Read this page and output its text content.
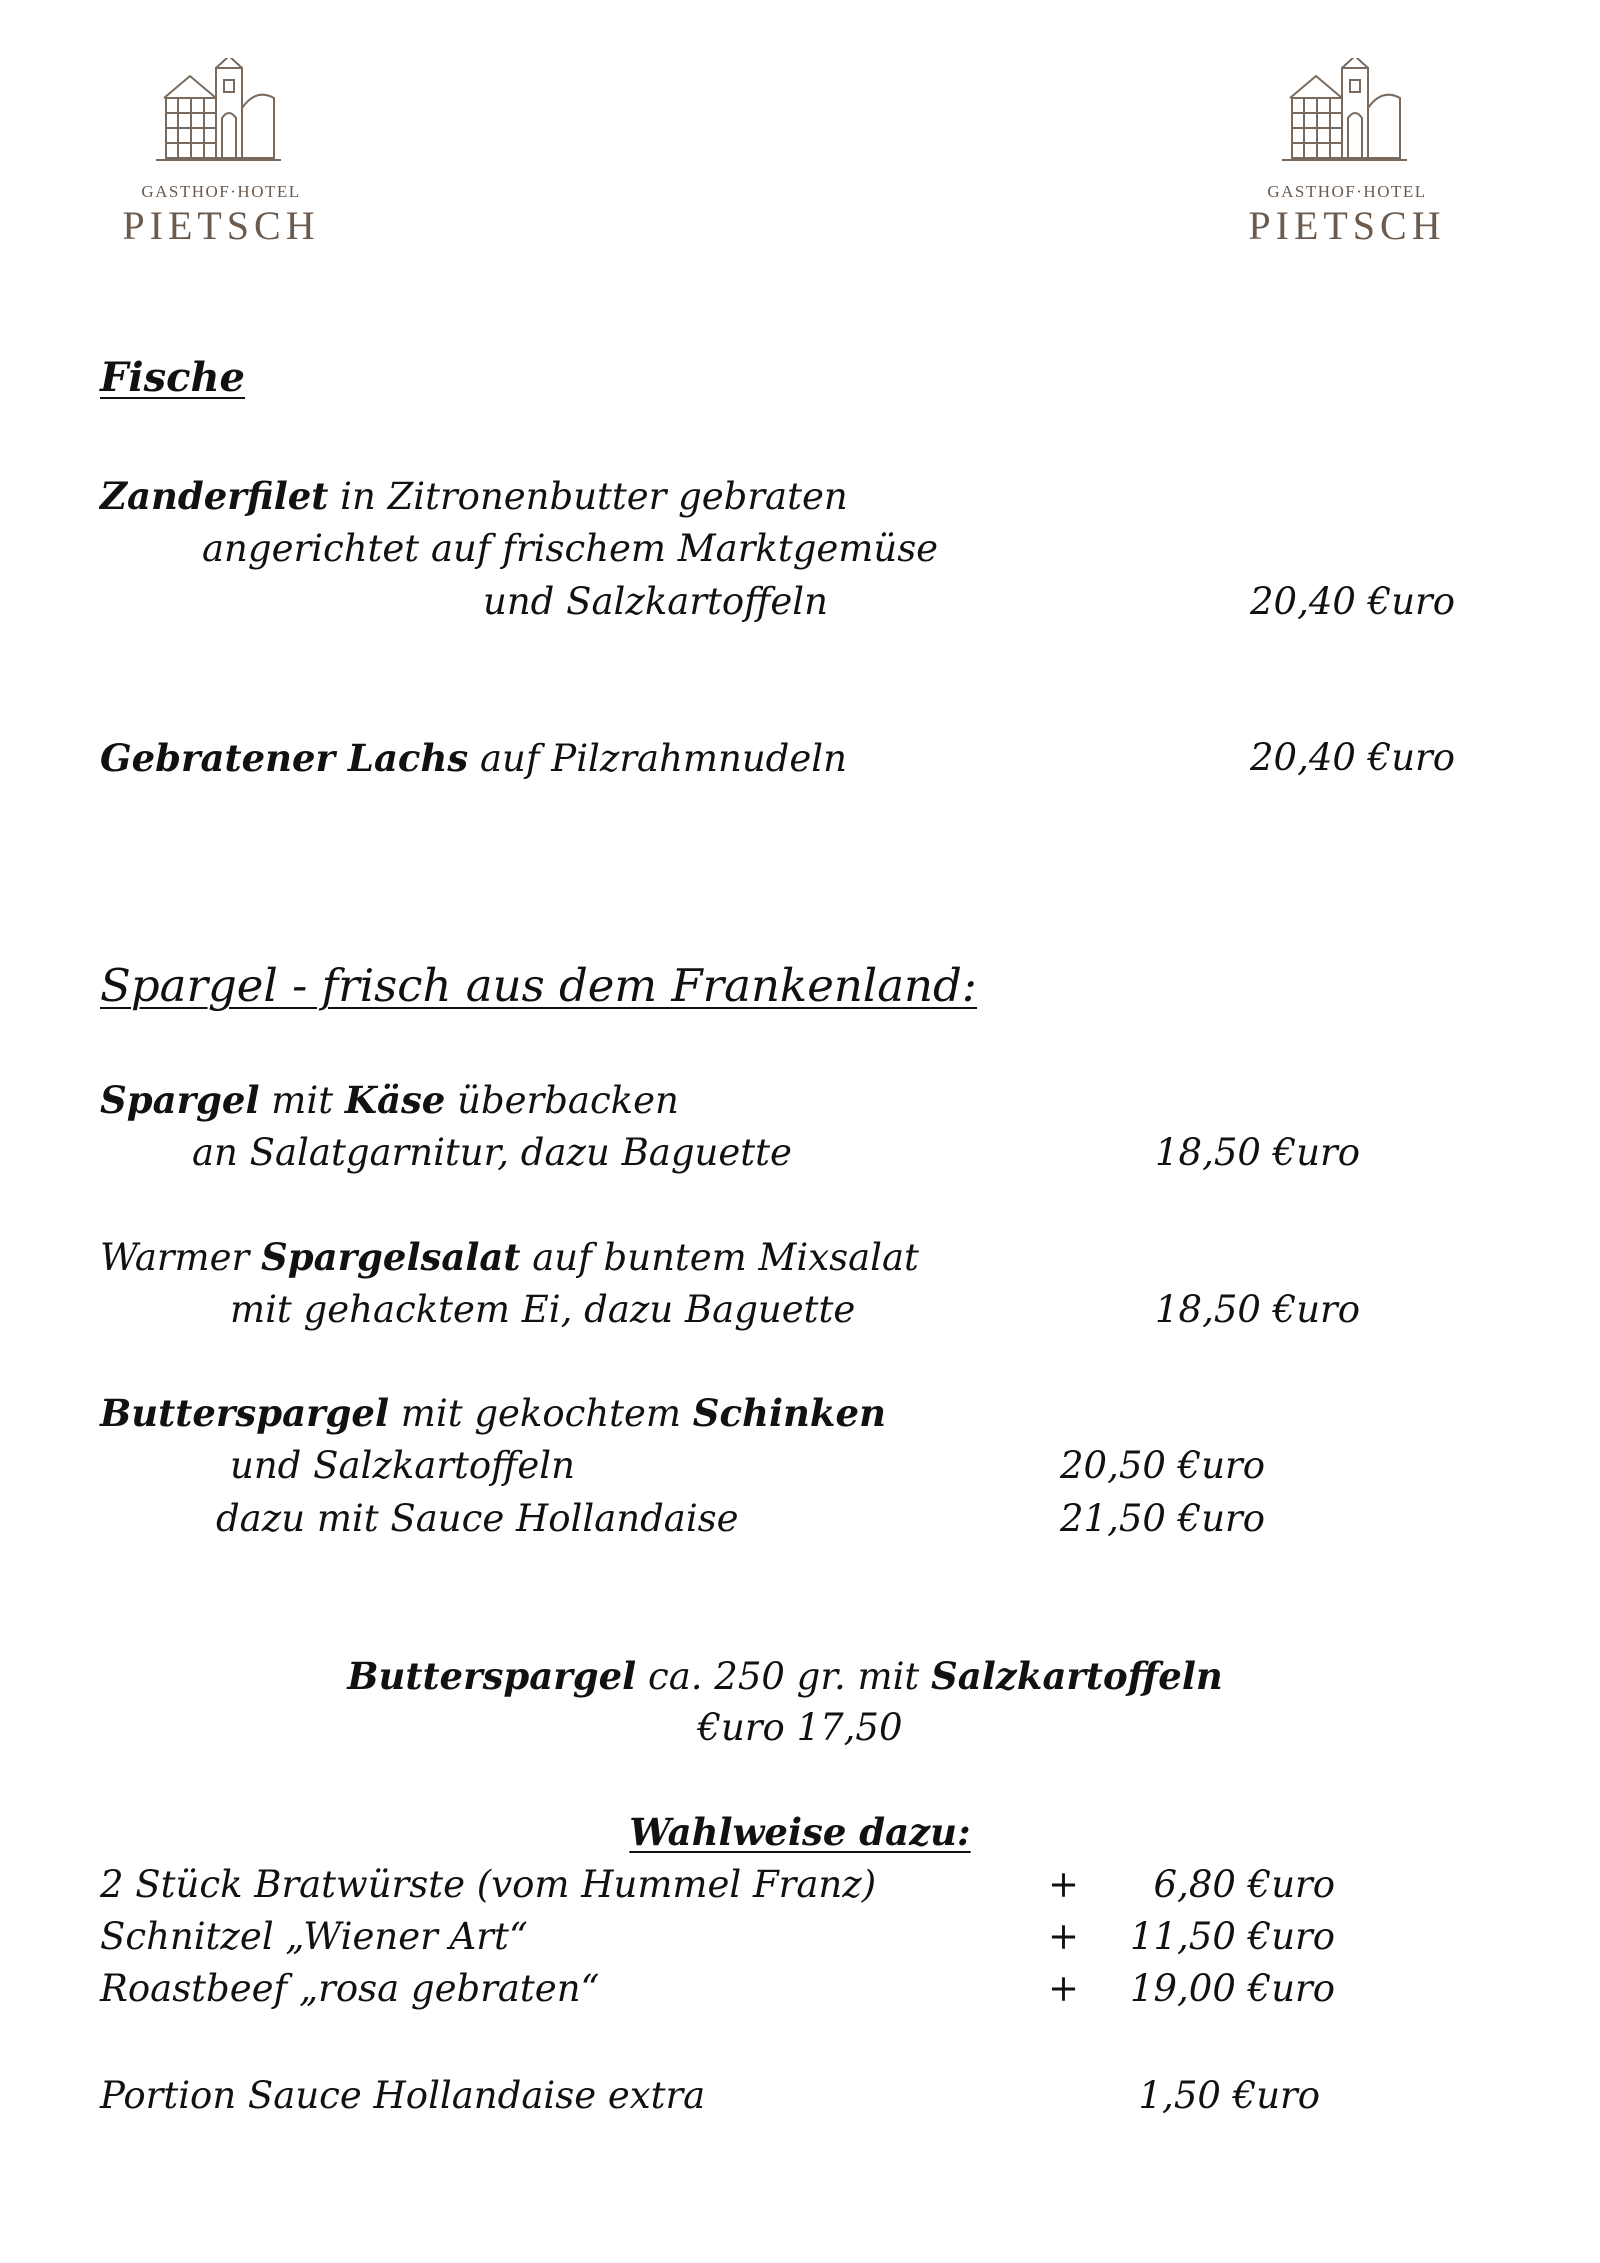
GASTHOF·HOTEL
PIETSCH
GASTHOF·HOTEL
PIETSCH
Fische
Zanderfilet in Zitronenbutter gebraten
angerichtet auf frischem Marktgemüse
und Salzkartoffeln	20,40 €uro
Gebratener Lachs auf Pilzrahmnudeln	20,40 €uro
Spargel - frisch aus dem Frankenland:
Spargel mit Käse überbacken
an Salatgarnitur, dazu Baguette	18,50 €uro
Warmer Spargelsalat auf buntem Mixsalat
mit gehacktem Ei, dazu Baguette	18,50 €uro
Butterspargel mit gekochtem Schinken
und Salzkartoffeln	20,50 €uro
dazu mit Sauce Hollandaise	21,50 €uro
Butterspargel ca. 250 gr. mit Salzkartoffeln
€uro 17,50
Wahlweise dazu:
2 Stück Bratwürste (vom Hummel Franz)	+	6,80 €uro
Schnitzel „Wiener Art“	+	11,50 €uro
Roastbeef „rosa gebraten“	+	19,00 €uro
Portion Sauce Hollandaise extra	1,50 €uro
